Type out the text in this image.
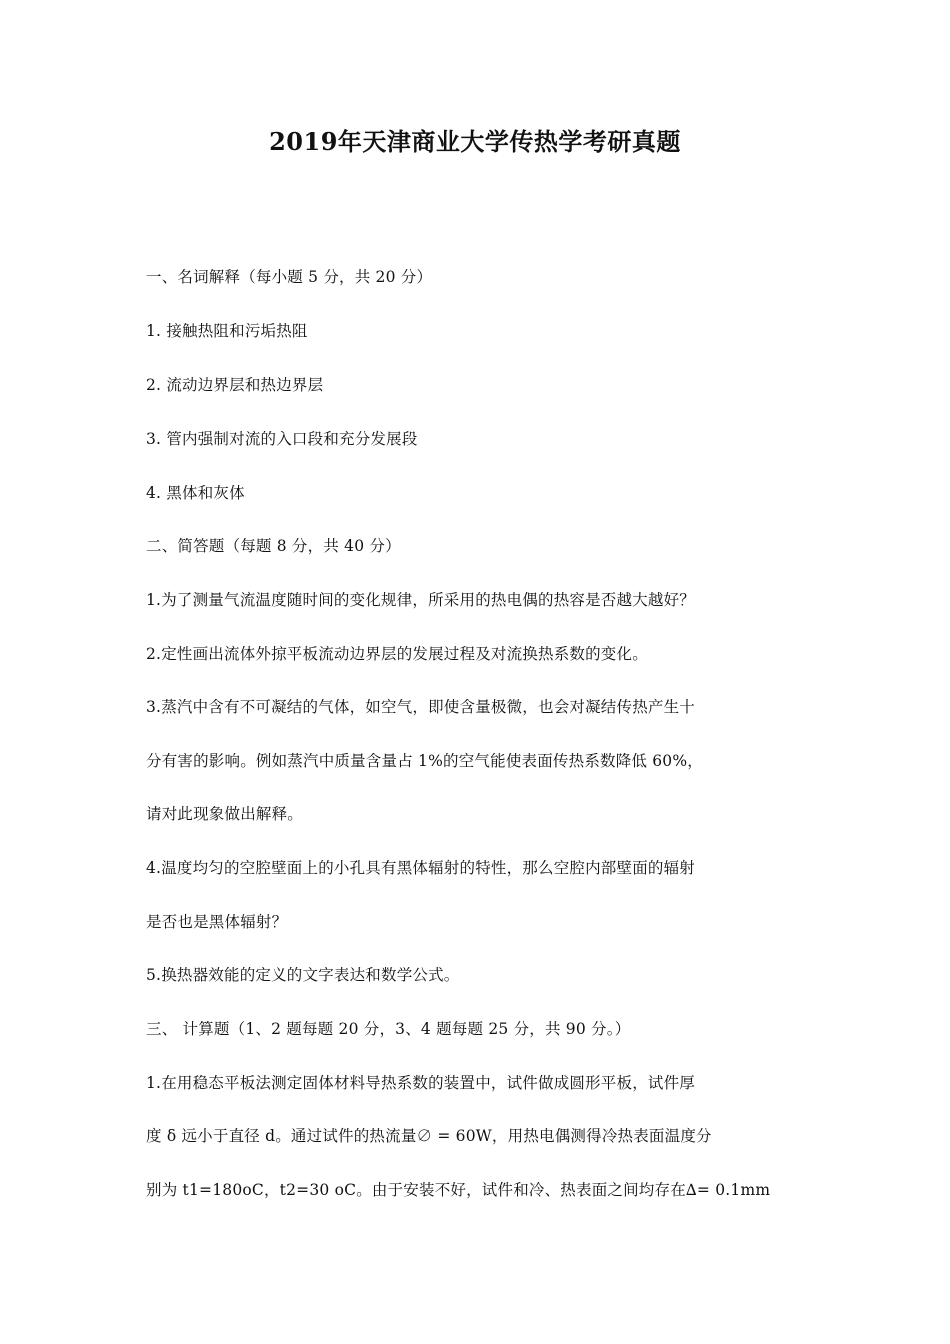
2019年天津商业大学传热学考研真题
一、名词解释（每小题 5 分，共 20 分）
1. 接触热阻和污垢热阻
2. 流动边界层和热边界层
3. 管内强制对流的入口段和充分发展段
4. 黑体和灰体
二、简答题（每题 8 分，共 40 分）
1.为了测量气流温度随时间的变化规律，所采用的热电偶的热容是否越大越好？
2.定性画出流体外掠平板流动边界层的发展过程及对流换热系数的变化。
3.蒸汽中含有不可凝结的气体，如空气，即使含量极微，也会对凝结传热产生十
分有害的影响。例如蒸汽中质量含量占 1%的空气能使表面传热系数降低 60%，
请对此现象做出解释。
4.温度均匀的空腔壁面上的小孔具有黑体辐射的特性，那么空腔内部壁面的辐射
是否也是黑体辐射？
5.换热器效能的定义的文字表达和数学公式。
三、 计算题（1、2 题每题 20 分，3、4 题每题 25 分，共 90 分。）
1.在用稳态平板法测定固体材料导热系数的装置中，试件做成圆形平板，试件厚
度 δ 远小于直径 d。通过试件的热流量∅ = 60W，用热电偶测得冷热表面温度分
别为 t1=180oC，t2=30 oC。由于安装不好，试件和冷、热表面之间均存在∆= 0.1mm
